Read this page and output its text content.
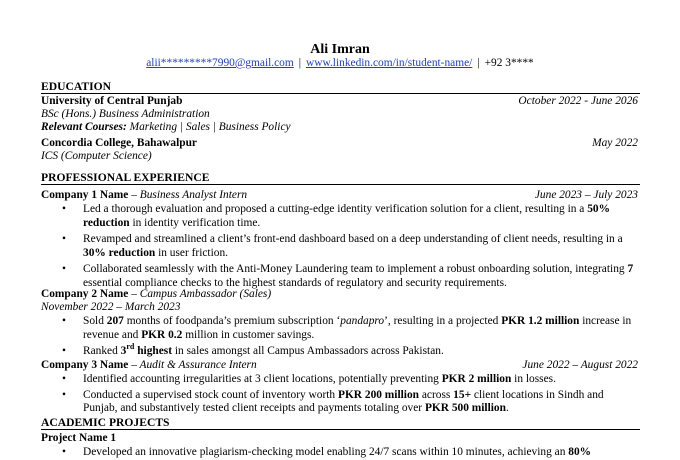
Ali Imran
alii*********7990@gmail.com | www.linkedin.com/in/student-name/ | +92 3****
EDUCATION
University of Central Punjab	October 2022 - June 2026
BSc (Hons.) Business Administration
Relevant Courses:
Marketing | Sales | Business Policy
Concordia College, Bahawalpur	May 2022
ICS (Computer Science)
PROFESSIONAL EXPERIENCE
Company 1 Name – Business Analyst Intern	June 2023 – July 2023
• Led a thorough evaluation and proposed a cutting-edge identity verification solution for a client, resulting in a 50%
reduction in identity verification time.
• Revamped and streamlined a client’s front-end dashboard based on a deep understanding of client needs, resulting in a
30% reduction in user friction.
• Collaborated seamlessly with the Anti-Money Laundering team to implement a robust onboarding solution, integrating 7
essential compliance checks to the highest standards of regulatory and security requirements.
Company 2 Name – Campus Ambassador (Sales)
November 2022 – March 2023
• Sold 207 months of foodpanda’s premium subscription ‘pandapro’, resulting in a projected PKR 1.2 million increase in
revenue and PKR 0.2 million in customer savings.
• Ranked 3rd highest in sales amongst all Campus Ambassadors across Pakistan.
Company 3 Name – Audit & Assurance Intern	June 2022 – August 2022
• Identified accounting irregularities at 3 client locations, potentially preventing PKR 2 million in losses.
• Conducted a supervised stock count of inventory worth PKR 200 million across 15+ client locations in Sindh and
Punjab, and substantively tested client receipts and payments totaling over PKR 500 million.
ACADEMIC PROJECTS
Project Name 1
• Developed an innovative plagiarism-checking model enabling 24/7 scans within 10 minutes, achieving an 80%
